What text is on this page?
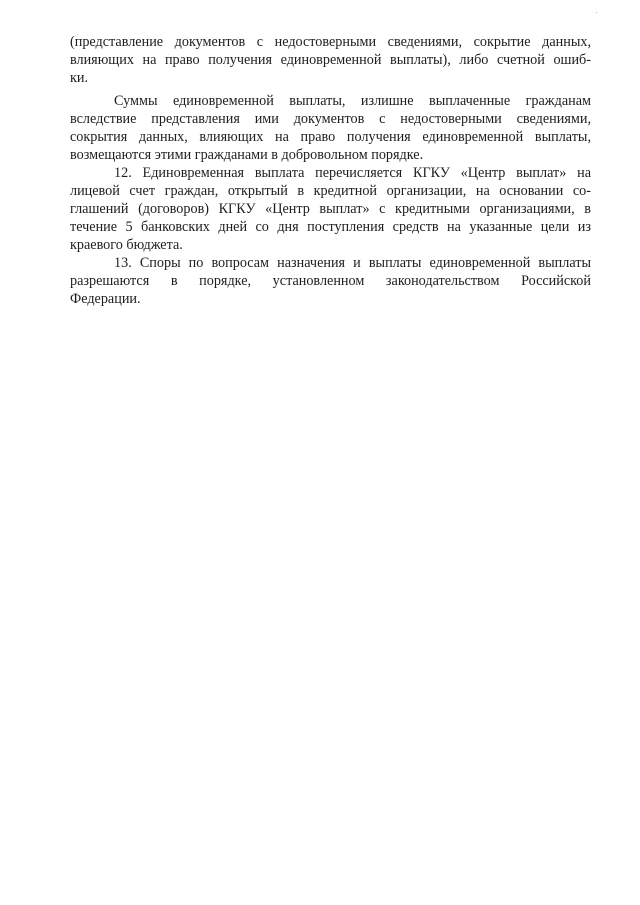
(представление документов с недостоверными сведениями, сокрытие данных,
влияющих на право получения единовременной выплаты), либо счетной ошиб-
ки.

Суммы единовременной выплаты, излишне выплаченные гражданам
вследствие представления ими документов с недостоверными сведениями,
сокрытия данных, влияющих на право получения единовременной выплаты,
возмещаются этими гражданами в добровольном порядке.

12. Единовременная выплата перечисляется КГКУ «Центр выплат» на
лицевой счет граждан, открытый в кредитной организации, на основании со-
глашений (договоров) КГКУ «Центр выплат» с кредитными организациями, в
течение 5 банковских дней со дня поступления средств на указанные цели из
краевого бюджета.

13. Споры по вопросам назначения и выплаты единовременной выплаты
разрешаются в порядке, установленном законодательством Российской
Федерации.
